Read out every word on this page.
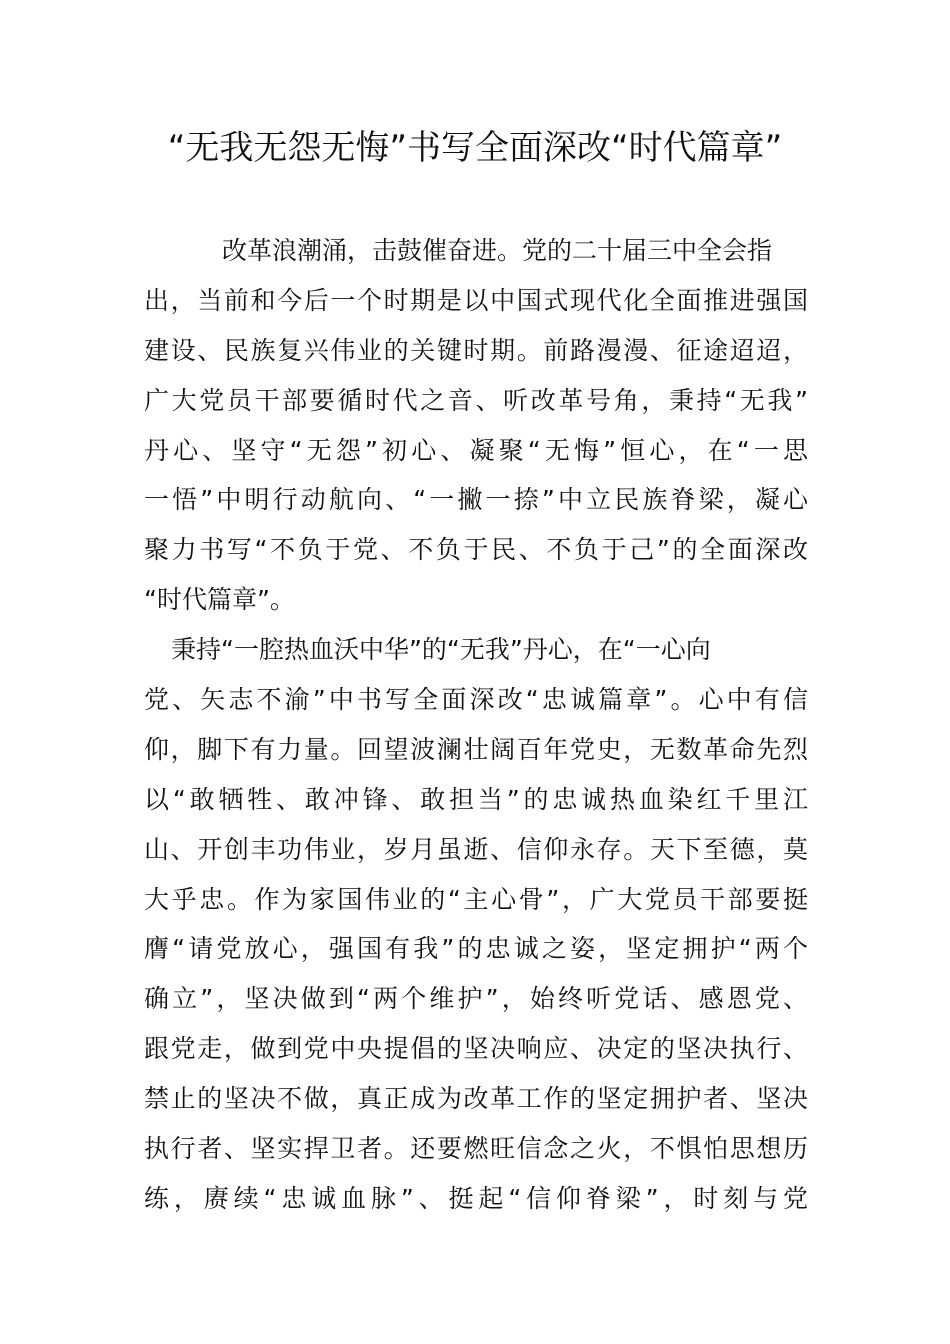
“无我无怨无悔”书写全面深改“时代篇章”
改革浪潮涌，击鼓催奋进。党的二十届三中全会指
出，当前和今后一个时期是以中国式现代化全面推进强国
建设、民族复兴伟业的关键时期。前路漫漫、征途迢迢，
广大党员干部要循时代之音、听改革号角，秉持“无我”
丹心、坚守“无怨”初心、凝聚“无悔”恒心，在“一思
一悟”中明行动航向、“一撇一捺”中立民族脊梁，凝心
聚力书写“不负于党、不负于民、不负于己”的全面深改
“时代篇章”。
秉持“一腔热血沃中华”的“无我”丹心，在“一心向
党、矢志不渝”中书写全面深改“忠诚篇章”。心中有信
仰，脚下有力量。回望波澜壮阔百年党史，无数革命先烈
以“敢牺牲、敢冲锋、敢担当”的忠诚热血染红千里江
山、开创丰功伟业，岁月虽逝、信仰永存。天下至德，莫
大乎忠。作为家国伟业的“主心骨”，广大党员干部要挺
膺“请党放心，强国有我”的忠诚之姿，坚定拥护“两个
确立”，坚决做到“两个维护”，始终听党话、感恩党、
跟党走，做到党中央提倡的坚决响应、决定的坚决执行、
禁止的坚决不做，真正成为改革工作的坚定拥护者、坚决
执行者、坚实捍卫者。还要燃旺信念之火，不惧怕思想历
练，赓续“忠诚血脉”、挺起“信仰脊梁”，时刻与党
